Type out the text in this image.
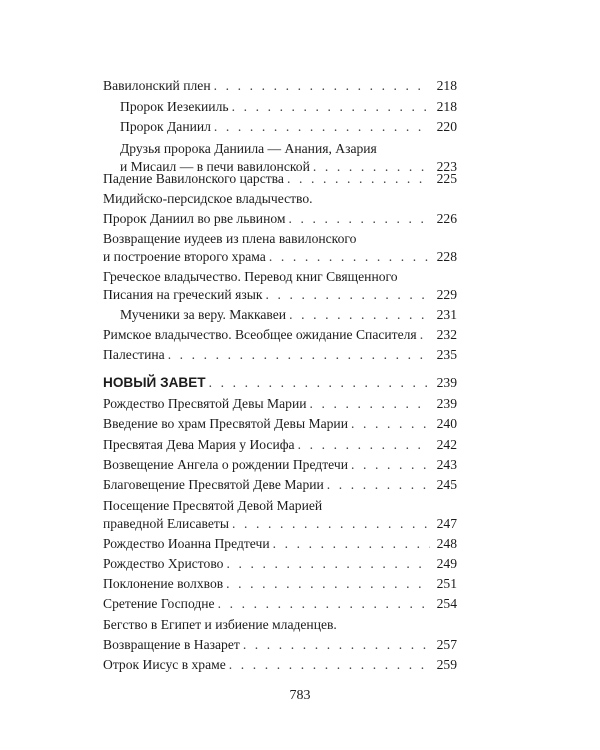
Вавилонский плен . . .	218
Пророк Иезекииль . . .	218
Пророк Даниил . . .	220
Друзья пророка Даниила — Анания, Азария
и Мисаил — в печи вавилонской . . .	223
Падение Вавилонского царства . . .	225
Мидийско-персидское владычество.
Пророк Даниил во рве львином . . .	226
Возвращение иудеев из плена вавилонского
и построение второго храма . . .	228
Греческое владычество. Перевод книг Священного
Писания на греческий язык . . .	229
Мученики за веру. Маккавеи . . .	231
Римское владычество. Всеобщее ожидание Спасителя . . . 232
Палестина . . .	235
НОВЫЙ ЗАВЕТ . . .	239
Рождество Пресвятой Девы Марии . . .	239
Введение во храм Пресвятой Девы Марии . . .	240
Пресвятая Дева Мария у Иосифа . . .	242
Возвещение Ангела о рождении Предтечи . . .	243
Благовещение Пресвятой Деве Марии . . .	245
Посещение Пресвятой Девой Марией
праведной Елисаветы . . .	247
Рождество Иоанна Предтечи . . .	248
Рождество Христово . . .	249
Поклонение волхвов . . .	251
Сретение Господне . . .	254
Бегство в Египет и избиение младенцев.
Возвращение в Назарет . . .	257
Отрок Иисус в храме . . .	259
783
